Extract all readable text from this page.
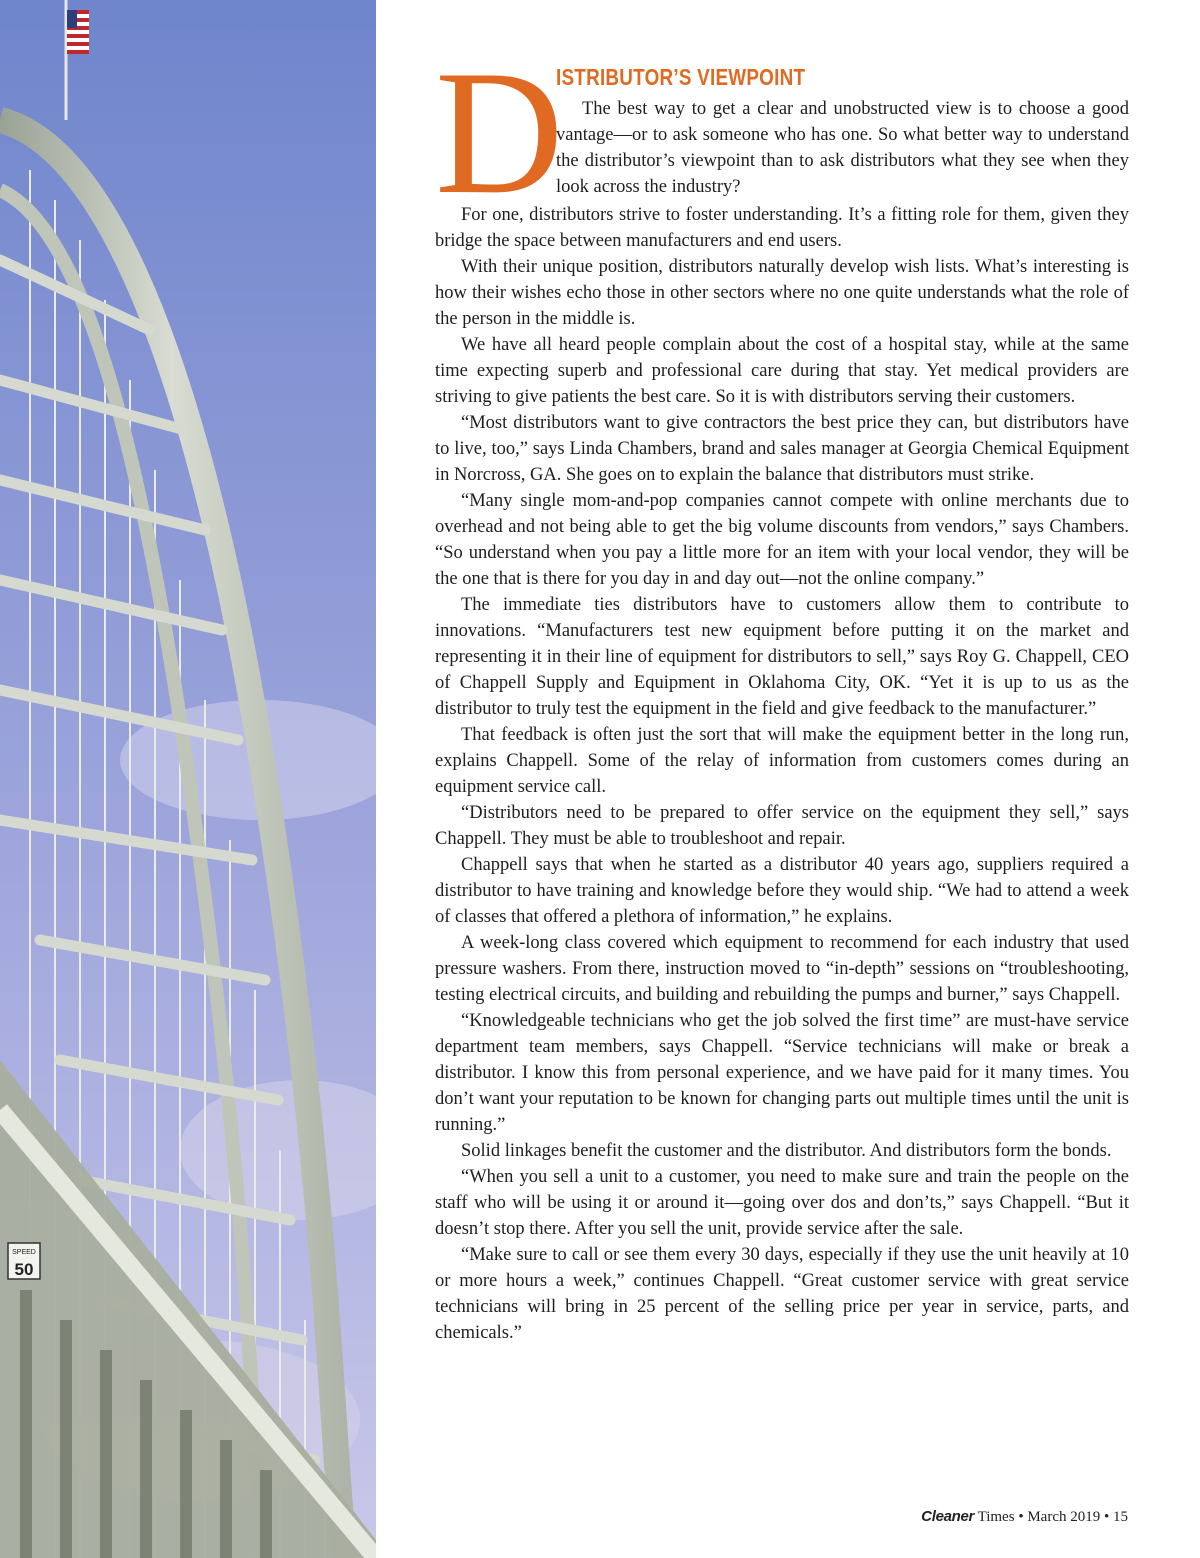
SPEED
50
D
ISTRIBUTOR’S VIEWPOINT

The best way to get a clear and unobstructed view is to choose a good vantage—or to ask someone who has one. So what better way to understand the distributor’s viewpoint than to ask distributors what they see when they look across the industry?

For one, distributors strive to foster understanding. It’s a fitting role for them, given they bridge the space between manufacturers and end users.

With their unique position, distributors naturally develop wish lists. What’s interesting is how their wishes echo those in other sectors where no one quite understands what the role of the person in the middle is.

We have all heard people complain about the cost of a hospital stay, while at the same time expecting superb and professional care during that stay. Yet medical providers are striving to give patients the best care. So it is with distributors serving their customers.

“Most distributors want to give contractors the best price they can, but distributors have to live, too,” says Linda Chambers, brand and sales manager at Georgia Chemical Equipment in Norcross, GA. She goes on to explain the balance that distributors must strike.

“Many single mom-and-pop companies cannot compete with online merchants due to overhead and not being able to get the big volume discounts from vendors,” says Chambers. “So understand when you pay a little more for an item with your local vendor, they will be the one that is there for you day in and day out—not the online company.”

The immediate ties distributors have to customers allow them to contribute to innovations. “Manufacturers test new equipment before putting it on the market and representing it in their line of equipment for distributors to sell,” says Roy G. Chappell, CEO of Chappell Supply and Equipment in Oklahoma City, OK. “Yet it is up to us as the distributor to truly test the equipment in the field and give feedback to the manufacturer.”

That feedback is often just the sort that will make the equipment better in the long run, explains Chappell. Some of the relay of information from customers comes during an equipment service call.

“Distributors need to be prepared to offer service on the equipment they sell,” says Chappell. They must be able to troubleshoot and repair.

Chappell says that when he started as a distributor 40 years ago, suppliers required a distributor to have training and knowledge before they would ship. “We had to attend a week of classes that offered a plethora of information,” he explains.

A week-long class covered which equipment to recommend for each industry that used pressure washers. From there, instruction moved to “in-depth” sessions on “troubleshooting, testing electrical circuits, and building and rebuilding the pumps and burner,” says Chappell.

“Knowledgeable technicians who get the job solved the first time” are must-have service department team members, says Chappell. “Service technicians will make or break a distributor. I know this from personal experience, and we have paid for it many times. You don’t want your reputation to be known for changing parts out multiple times until the unit is running.”

Solid linkages benefit the customer and the distributor. And distributors form the bonds.

“When you sell a unit to a customer, you need to make sure and train the people on the staff who will be using it or around it—going over dos and don’ts,” says Chappell. “But it doesn’t stop there. After you sell the unit, provide service after the sale.

“Make sure to call or see them every 30 days, especially if they use the unit heavily at 10 or more hours a week,” continues Chappell. “Great customer service with great service technicians will bring in 25 percent of the selling price per year in service, parts, and chemicals.”

Cleaner Times • March 2019 • 15
